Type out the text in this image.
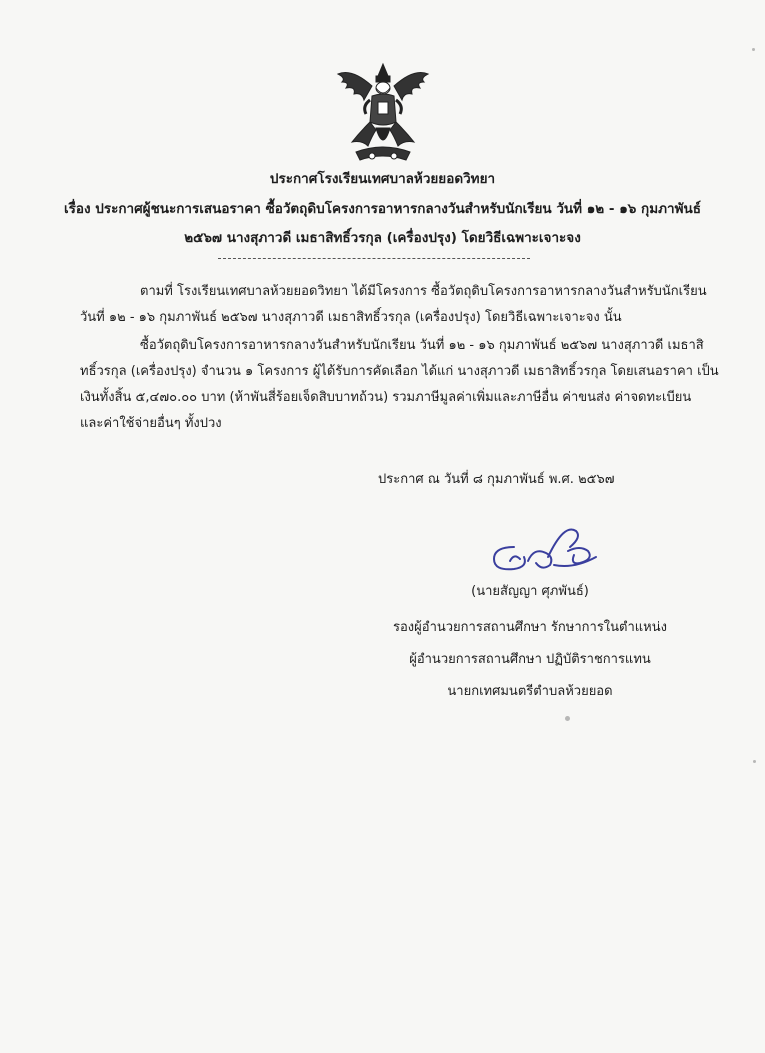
ประกาศโรงเรียนเทศบาลห้วยยอดวิทยา
เรื่อง ประกาศผู้ชนะการเสนอราคา ซื้อวัตถุดิบโครงการอาหารกลางวันสำหรับนักเรียน วันที่ ๑๒ - ๑๖ กุมภาพันธ์
๒๕๖๗ นางสุภาวดี เมธาสิทธิ์วรกุล (เครื่องปรุง) โดยวิธีเฉพาะเจาะจง
ตามที่ โรงเรียนเทศบาลห้วยยอดวิทยา ได้มีโครงการ ซื้อวัตถุดิบโครงการอาหารกลางวันสำหรับนักเรียน
วันที่ ๑๒ - ๑๖ กุมภาพันธ์ ๒๕๖๗ นางสุภาวดี เมธาสิทธิ์วรกุล (เครื่องปรุง) โดยวิธีเฉพาะเจาะจง นั้น
ซื้อวัตถุดิบโครงการอาหารกลางวันสำหรับนักเรียน วันที่ ๑๒ - ๑๖ กุมภาพันธ์ ๒๕๖๗ นางสุภาวดี เมธาสิ
ทธิ์วรกุล (เครื่องปรุง) จำนวน ๑ โครงการ ผู้ได้รับการคัดเลือก ได้แก่ นางสุภาวดี เมธาสิทธิ์วรกุล โดยเสนอราคา เป็น
เงินทั้งสิ้น ๕,๔๗๐.๐๐ บาท (ห้าพันสี่ร้อยเจ็ดสิบบาทถ้วน) รวมภาษีมูลค่าเพิ่มและภาษีอื่น ค่าขนส่ง ค่าจดทะเบียน
และค่าใช้จ่ายอื่นๆ ทั้งปวง
ประกาศ ณ วันที่ ๘ กุมภาพันธ์ พ.ศ. ๒๕๖๗
(นายสัญญา ศุภพันธ์)
รองผู้อำนวยการสถานศึกษา รักษาการในตำแหน่ง
ผู้อำนวยการสถานศึกษา ปฏิบัติราชการแทน
นายกเทศมนตรีตำบลห้วยยอด
